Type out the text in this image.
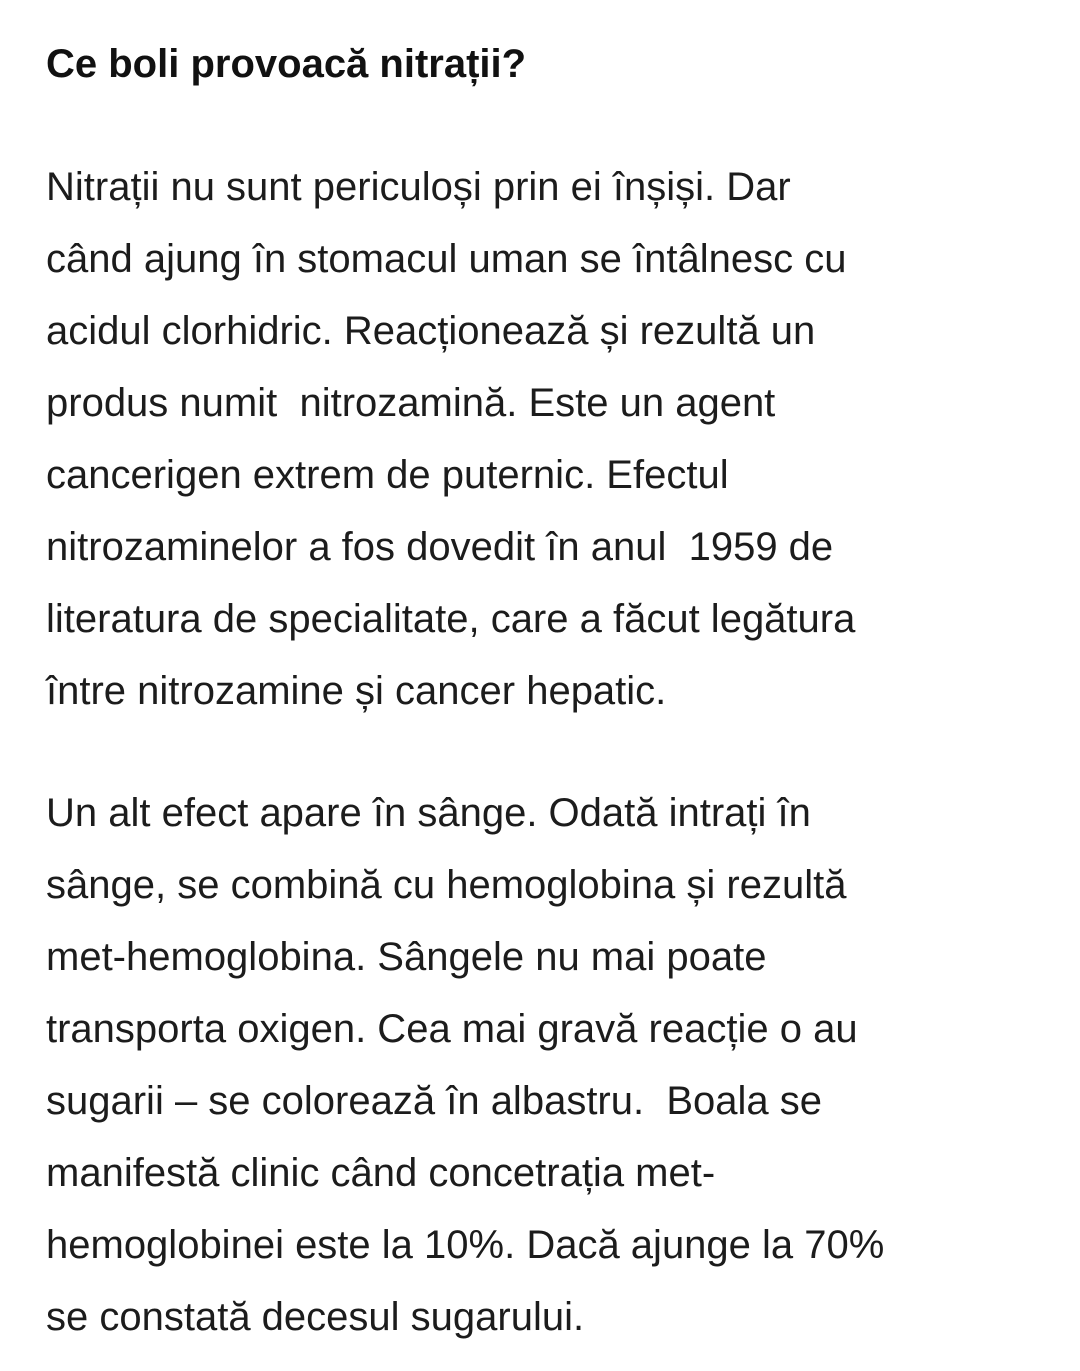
Ce boli provoacă nitrații?

Nitrații nu sunt periculoși prin ei înșiși. Dar
când ajung în stomacul uman se întâlnesc cu
acidul clorhidric. Reacționează și rezultă un
produs numit  nitrozamină. Este un agent
cancerigen extrem de puternic. Efectul
nitrozaminelor a fos dovedit în anul  1959 de
literatura de specialitate, care a făcut legătura
între nitrozamine și cancer hepatic.

Un alt efect apare în sânge. Odată intrați în
sânge, se combină cu hemoglobina și rezultă
met-hemoglobina. Sângele nu mai poate
transporta oxigen. Cea mai gravă reacție o au
sugarii – se colorează în albastru.  Boala se
manifestă clinic când concetrația met-
hemoglobinei este la 10%. Dacă ajunge la 70%
se constată decesul sugarului.
